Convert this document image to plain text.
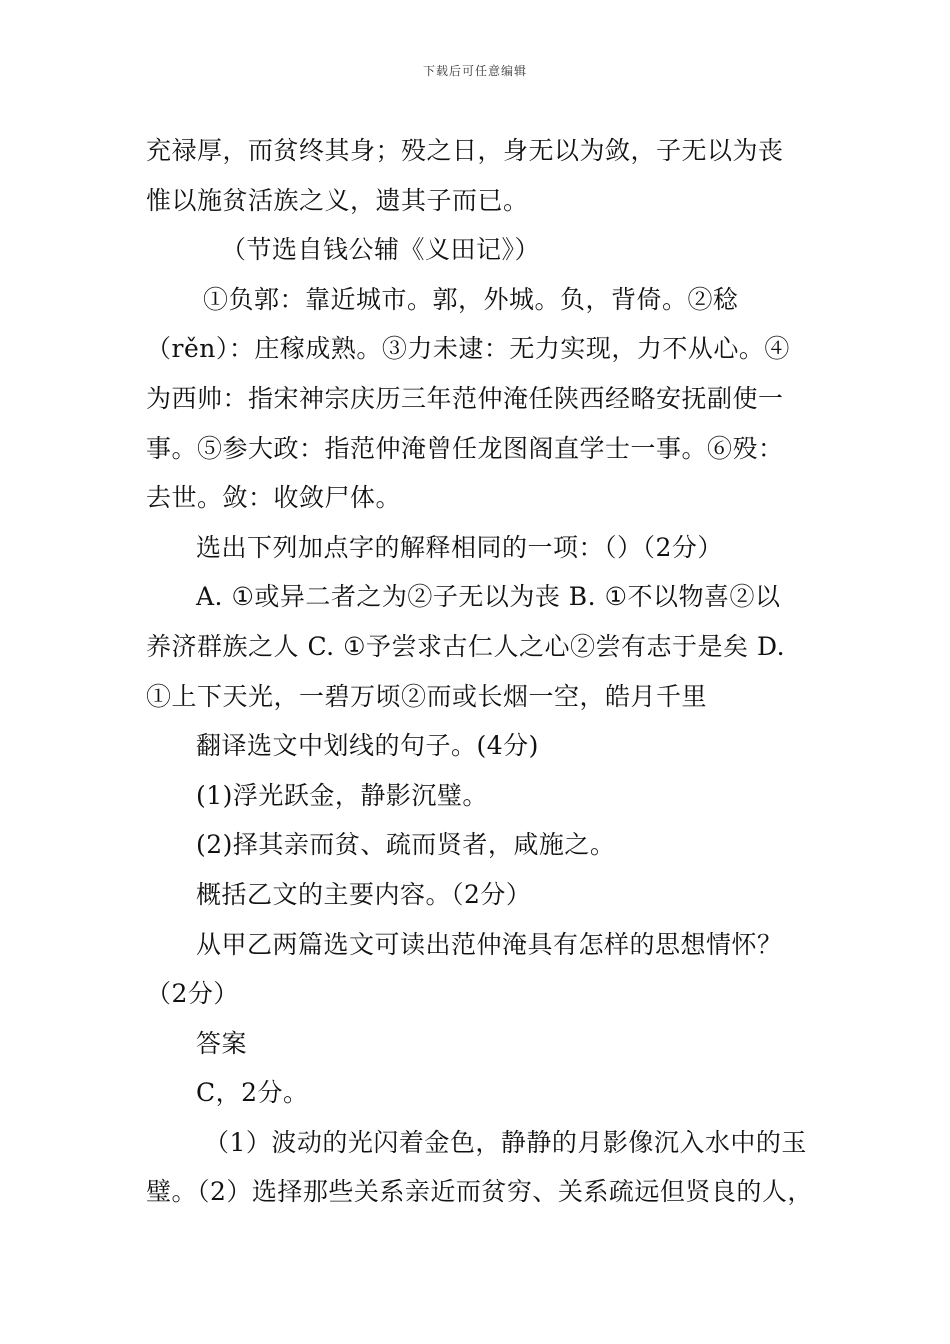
下载后可任意编辑
充禄厚，而贫终其身；殁之日，身无以为敛，子无以为丧
惟以施贫活族之义，遗其子而已。
（节选自钱公辅《义田记》）
①负郭：靠近城市。郭，外城。负，背倚。②稔
（rěn）：庄稼成熟。③力未逮：无力实现，力不从心。④
为西帅：指宋神宗庆历三年范仲淹任陕西经略安抚副使一
事。⑤参大政：指范仲淹曾任龙图阁直学士一事。⑥殁：
去世。敛：收敛尸体。
选出下列加点字的解释相同的一项：（）（2分）
A. ①或异二者之为②子无以为丧 B. ①不以物喜②以
养济群族之人 C. ①予尝求古仁人之心②尝有志于是矣 D.
①上下天光，一碧万顷②而或长烟一空，皓月千里
翻译选文中划线的句子。(4分)
(1)浮光跃金，静影沉璧。
(2)择其亲而贫、疏而贤者，咸施之。
概括乙文的主要内容。（2分）
从甲乙两篇选文可读出范仲淹具有怎样的思想情怀？
（2分）
答案
C，2分。
（1）波动的光闪着金色，静静的月影像沉入水中的玉
璧。（2）选择那些关系亲近而贫穷、关系疏远但贤良的人，
